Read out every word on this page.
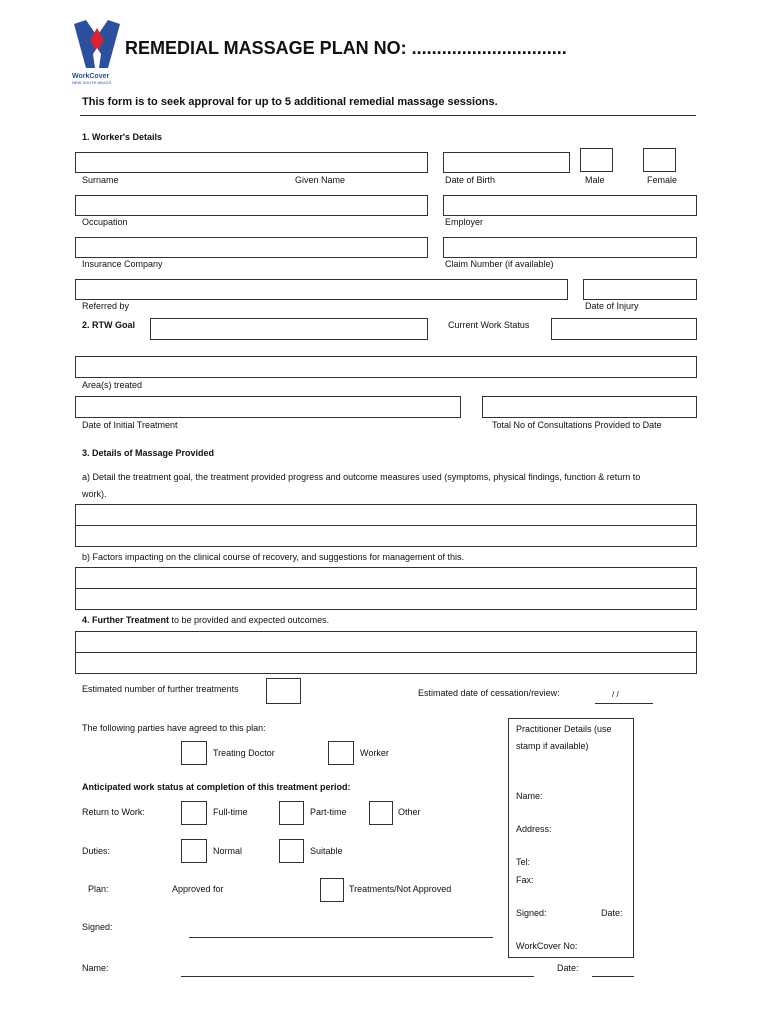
WorkCover
NEW SOUTH WALES
REMEDIAL MASSAGE PLAN NO: ...............................
This form is to seek approval for up to 5 additional remedial massage sessions.
1. Worker's Details
Surname	Given Name	Date of Birth	Male	Female
Occupation	Employer
Insurance Company	Claim Number (if available)
Referred by	Date of Injury
2. RTW Goal	Current Work Status
Area(s) treated
Date of Initial Treatment	Total No of Consultations Provided to Date
3. Details of Massage Provided
a) Detail the treatment goal, the treatment provided progress and outcome measures used (symptoms, physical findings, function & return to
work).
b) Factors impacting on the clinical course of recovery, and suggestions for management of this.
4. Further Treatment to be provided and expected outcomes.
Estimated number of further treatments	Estimated date of cessation/review:	/ /
The following parties have agreed to this plan:
Treating Doctor	Worker
Anticipated work status at completion of this treatment period:
Return to Work:	Full-time	Part-time	Other
Duties:	Normal	Suitable
Plan:	Approved for	Treatments/Not Approved
Signed:
Name:	Date:
Practitioner Details (use
stamp if available)
Name:
Address:
Tel:
Fax:
Signed:	Date:
WorkCover No:
